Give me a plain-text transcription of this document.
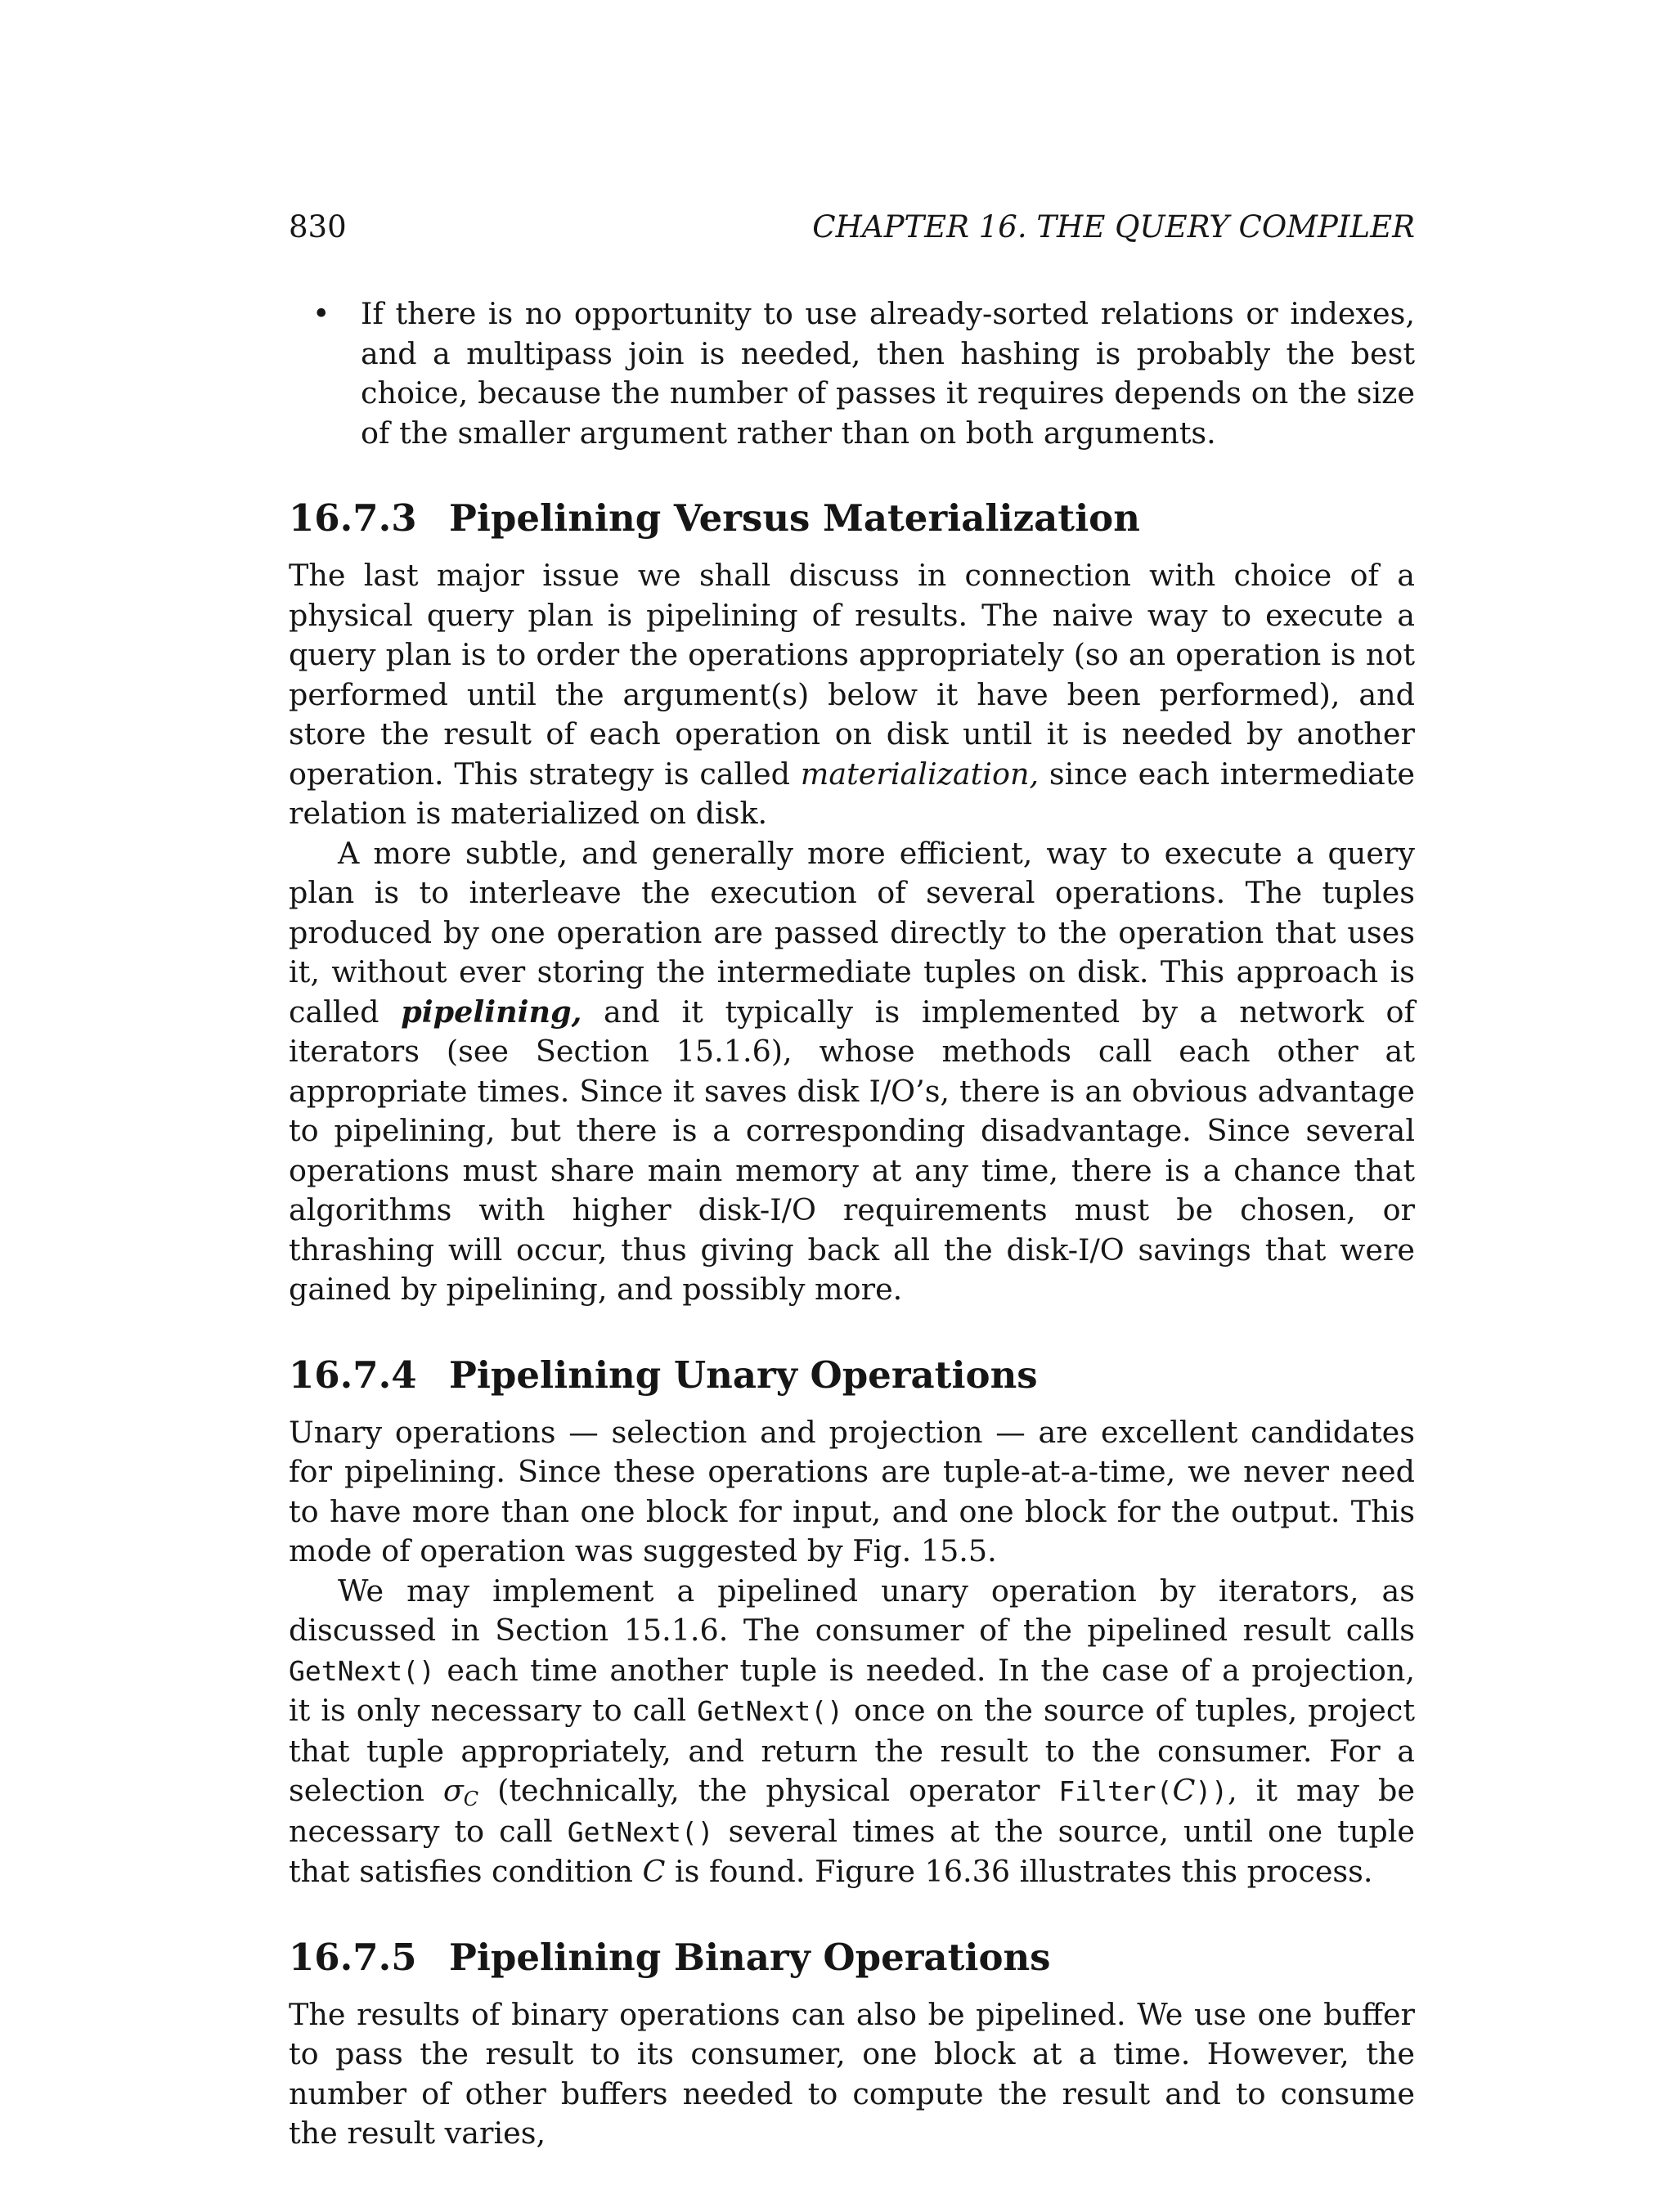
830	CHAPTER 16. THE QUERY COMPILER
• If there is no opportunity to use already-sorted relations or indexes, and a multipass join is needed, then hashing is probably the best choice, because the number of passes it requires depends on the size of the smaller argument rather than on both arguments.
16.7.3 Pipelining Versus Materialization

The last major issue we shall discuss in connection with choice of a physical query plan is pipelining of results. The naive way to execute a query plan is to order the operations appropriately (so an operation is not performed until the argument(s) below it have been performed), and store the result of each operation on disk until it is needed by another operation. This strategy is called materialization, since each intermediate relation is materialized on disk.

A more subtle, and generally more efficient, way to execute a query plan is to interleave the execution of several operations. The tuples produced by one operation are passed directly to the operation that uses it, without ever storing the intermediate tuples on disk. This approach is called pipelining, and it typically is implemented by a network of iterators (see Section 15.1.6), whose methods call each other at appropriate times. Since it saves disk I/O’s, there is an obvious advantage to pipelining, but there is a corresponding disadvantage. Since several operations must share main memory at any time, there is a chance that algorithms with higher disk-I/O requirements must be chosen, or thrashing will occur, thus giving back all the disk-I/O savings that were gained by pipelining, and possibly more.

16.7.4 Pipelining Unary Operations

Unary operations — selection and projection — are excellent candidates for pipelining. Since these operations are tuple-at-a-time, we never need to have more than one block for input, and one block for the output. This mode of operation was suggested by Fig. 15.5.

We may implement a pipelined unary operation by iterators, as discussed in Section 15.1.6. The consumer of the pipelined result calls GetNext() each time another tuple is needed. In the case of a projection, it is only necessary to call GetNext() once on the source of tuples, project that tuple appropriately, and return the result to the consumer. For a selection $\sigma_C$ (technically, the physical operator Filter(C)), it may be necessary to call GetNext() several times at the source, until one tuple that satisfies condition C is found. Figure 16.36 illustrates this process.

16.7.5 Pipelining Binary Operations

The results of binary operations can also be pipelined. We use one buffer to pass the result to its consumer, one block at a time. However, the number of other buffers needed to compute the result and to consume the result varies,
